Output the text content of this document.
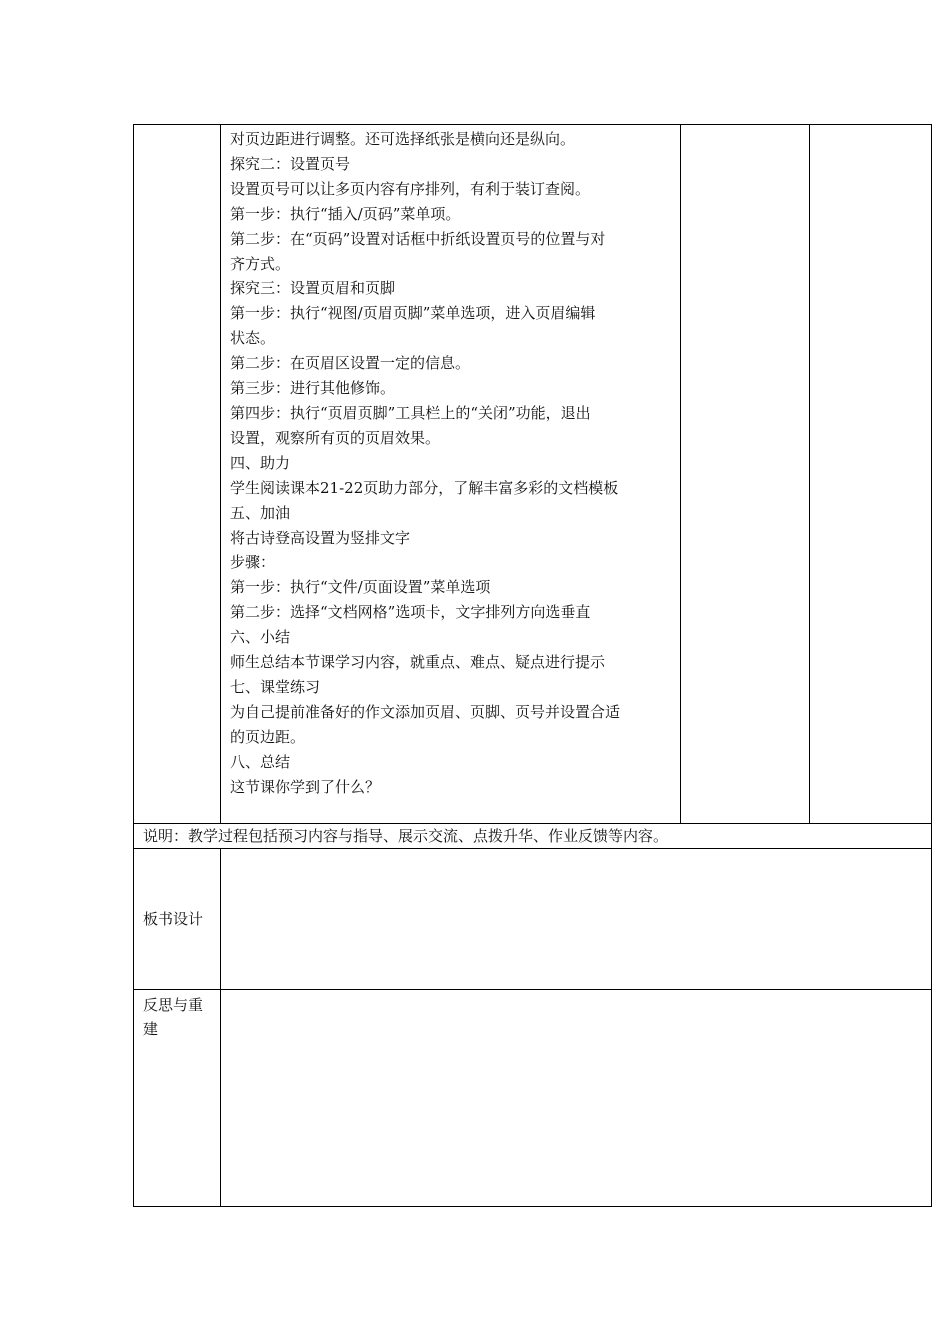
对页边距进行调整。还可选择纸张是横向还是纵向。
探究二：设置页号
设置页号可以让多页内容有序排列，有利于装订查阅。
第一步：执行“插入/页码”菜单项。
第二步：在“页码”设置对话框中折纸设置页号的位置与对
齐方式。
探究三：设置页眉和页脚
第一步：执行“视图/页眉页脚”菜单选项，进入页眉编辑
状态。
第二步：在页眉区设置一定的信息。
第三步：进行其他修饰。
第四步：执行“页眉页脚”工具栏上的“关闭”功能，退出
设置，观察所有页的页眉效果。
四、助力
学生阅读课本21-22页助力部分，了解丰富多彩的文档模板
五、加油
将古诗登高设置为竖排文字
步骤：
第一步：执行“文件/页面设置”菜单选项
第二步：选择“文档网格”选项卡，文字排列方向选垂直
六、小结
师生总结本节课学习内容，就重点、难点、疑点进行提示
七、课堂练习
为自己提前准备好的作文添加页眉、页脚、页号并设置合适
的页边距。
八、总结
这节课你学到了什么？
说明：教学过程包括预习内容与指导、展示交流、点拨升华、作业反馈等内容。
板书设计
反思与重建
